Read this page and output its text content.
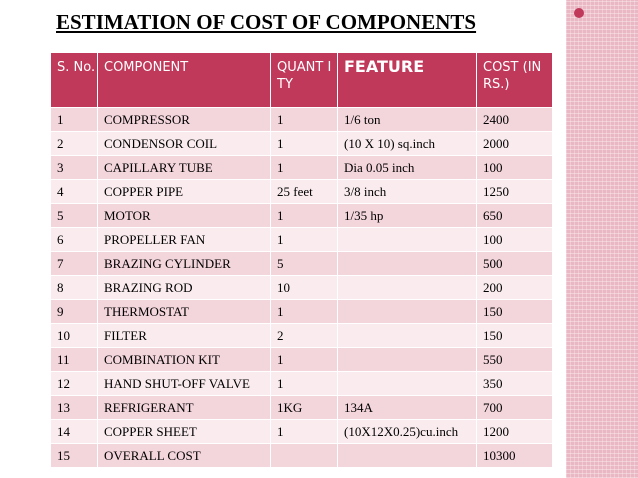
ESTIMATION OF COST OF COMPONENTS
S. No.	COMPONENT	QUANT ITY	FEATURE	COST (IN RS.)
1	COMPRESSOR	1	1/6 ton	2400
2	CONDENSOR COIL	1	(10 X 10) sq.inch	2000
3	CAPILLARY TUBE	1	Dia 0.05 inch	100
4	COPPER PIPE	25 feet	3/8 inch	1250
5	MOTOR	1	1/35 hp	650
6	PROPELLER FAN	1		100
7	BRAZING CYLINDER	5		500
8	BRAZING ROD	10		200
9	THERMOSTAT	1		150
10	FILTER	2		150
11	COMBINATION KIT	1		550
12	HAND SHUT-OFF VALVE	1		350
13	REFRIGERANT	1KG	134A	700
14	COPPER SHEET	1	(10X12X0.25)cu.inch	1200
15	OVERALL COST			10300
